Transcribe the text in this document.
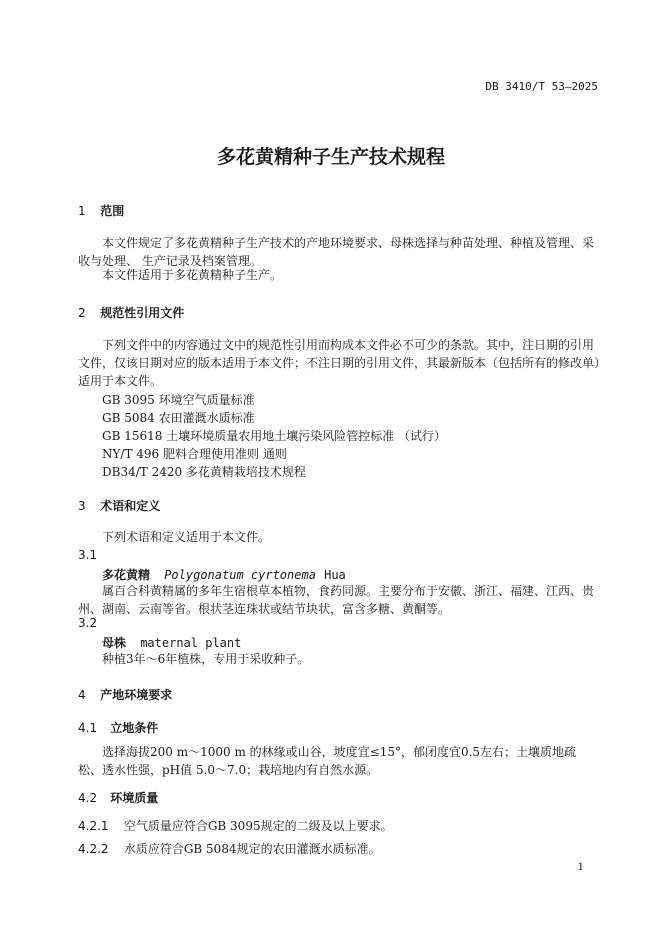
DB 3410/T 53—2025
多花黄精种子生产技术规程
1 范围
本文件规定了多花黄精种子生产技术的产地环境要求、母株选择与种苗处理、种植及管理、采收与处理、 生产记录及档案管理。
本文件适用于多花黄精种子生产。
2 规范性引用文件
下列文件中的内容通过文中的规范性引用而构成本文件必不可少的条款。其中，注日期的引用文件，仅该日期对应的版本适用于本文件；不注日期的引用文件，其最新版本（包括所有的修改单）适用于本文件。
GB 3095 环境空气质量标准
GB 5084 农田灌溉水质标准
GB 15618 土壤环境质量农用地土壤污染风险管控标准 （试行）
NY/T 496 肥料合理使用准则 通则
DB34/T 2420 多花黄精栽培技术规程
3 术语和定义
下列术语和定义适用于本文件。
3.1
多花黄精 Polygonatum cyrtonema Hua
属百合科黄精属的多年生宿根草本植物，食药同源。主要分布于安徽、浙江、福建、江西、贵州、湖南、云南等省。根状茎连珠状或结节块状，富含多糖、黄酮等。
3.2
母株 maternal plant
种植3年～6年植株，专用于采收种子。
4 产地环境要求
4.1 立地条件
选择海拔200 m～1000 m 的林缘或山谷，坡度宜≤15°，郁闭度宜0.5左右；土壤质地疏松、透水性强，pH值 5.0～7.0；栽培地内有自然水源。
4.2 环境质量
4.2.1 空气质量应符合GB 3095规定的二级及以上要求。
4.2.2 水质应符合GB 5084规定的农田灌溉水质标准。
1
